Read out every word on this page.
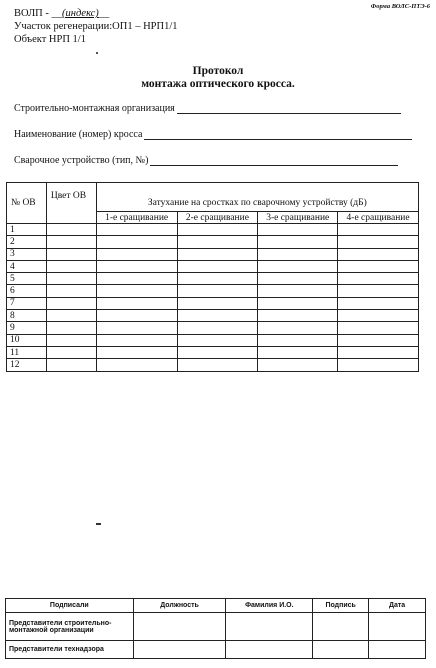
Форма ВОЛС-ПТЭ-6
ВОЛП - __(индекс)__
Участок регенерации:ОП1 – НРП1/1
Объект НРП 1/1
Протокол
монтажа оптического кросса.
Строительно-монтажная организация
Наименование (номер) кросса
Сварочное устройство (тип, №)
№ ОВ	Цвет ОВ	Затухание на сростках по сварочному устройству (дБ)			
		1-е сращивание	2-е сращивание	3-е сращивание	4-е сращивание
1					
2					
3					
4					
5					
6					
7					
8					
9					
10					
11					
12					
Подписали	Должность	Фамилия И.О.	Подпись	Дата
Представители строительно-монтажной организации				
Представители технадзора				
